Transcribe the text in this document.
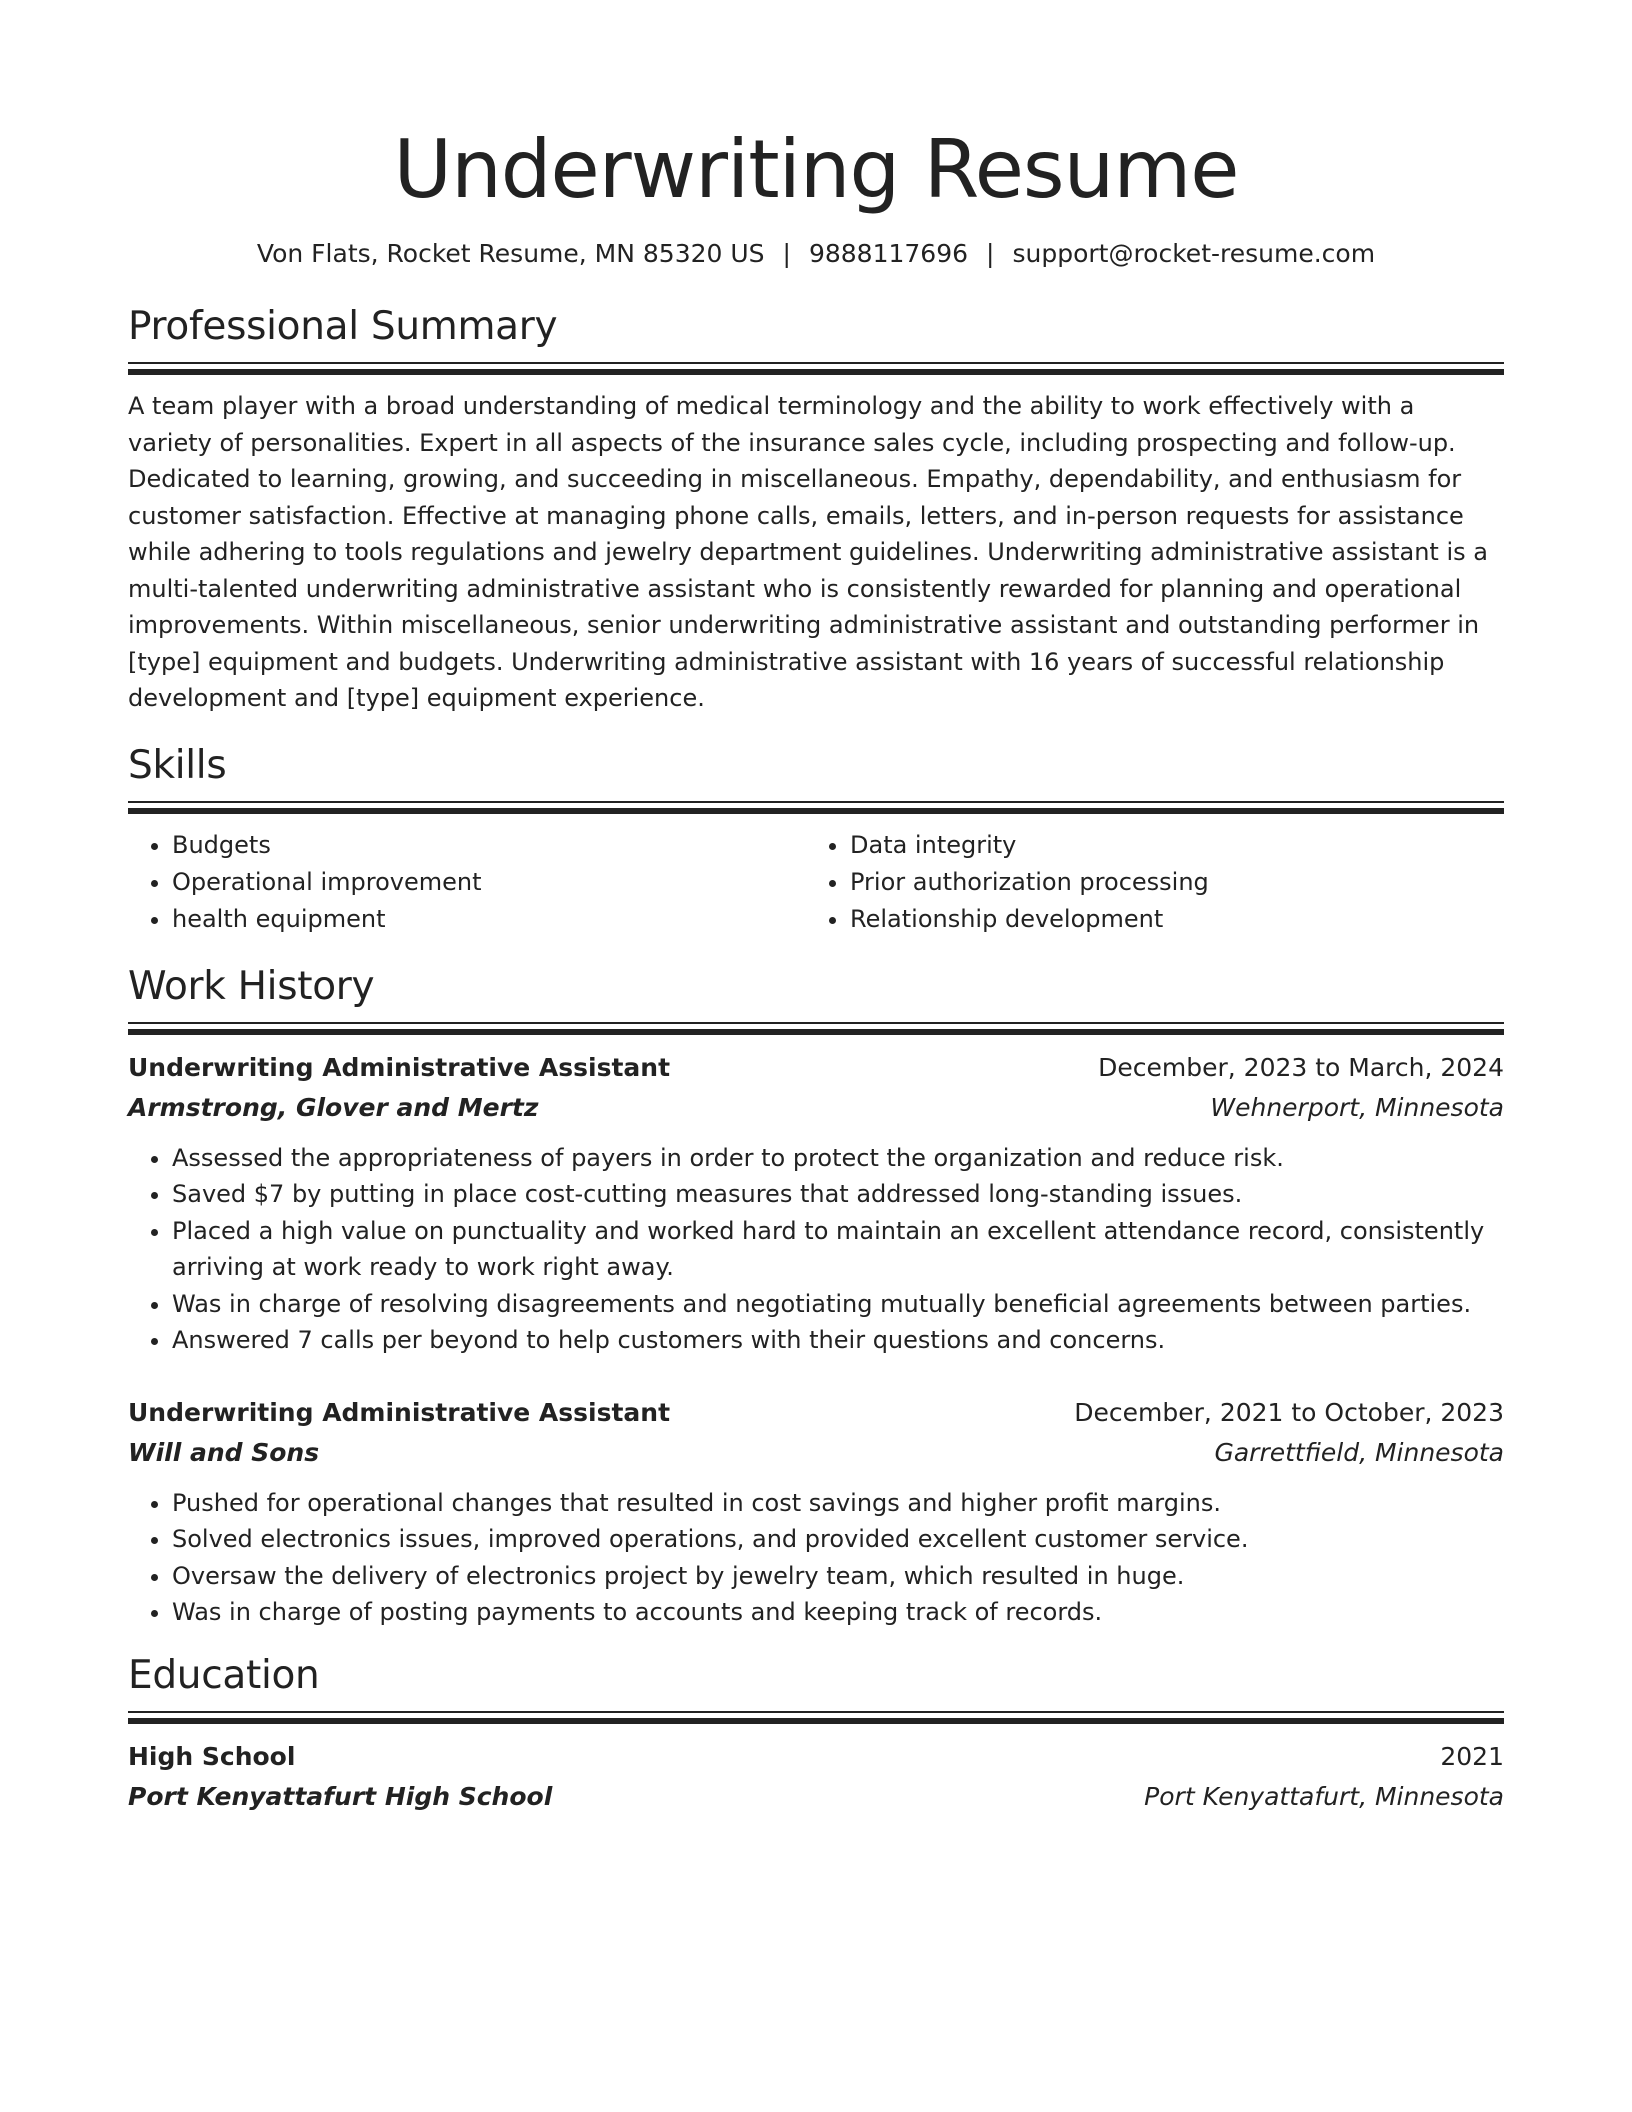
Underwriting Resume
Von Flats, Rocket Resume, MN 85320 US | 9888117696 | support@rocket-resume.com
Professional Summary

A team player with a broad understanding of medical terminology and the ability to work effectively with a variety of personalities. Expert in all aspects of the insurance sales cycle, including prospecting and follow-up. Dedicated to learning, growing, and succeeding in miscellaneous. Empathy, dependability, and enthusiasm for customer satisfaction. Effective at managing phone calls, emails, letters, and in-person requests for assistance while adhering to tools regulations and jewelry department guidelines. Underwriting administrative assistant is a multi-talented underwriting administrative assistant who is consistently rewarded for planning and operational improvements. Within miscellaneous, senior underwriting administrative assistant and outstanding performer in [type] equipment and budgets. Underwriting administrative assistant with 16 years of successful relationship development and [type] equipment experience.

Skills
• Budgets
• Operational improvement
• health equipment
• Data integrity
• Prior authorization processing
• Relationship development
Work History
Underwriting Administrative Assistant	December, 2023 to March, 2024
Armstrong, Glover and Mertz	Wehnerport, Minnesota
• Assessed the appropriateness of payers in order to protect the organization and reduce risk.
• Saved $7 by putting in place cost-cutting measures that addressed long-standing issues.
• Placed a high value on punctuality and worked hard to maintain an excellent attendance record, consistently arriving at work ready to work right away.
• Was in charge of resolving disagreements and negotiating mutually beneficial agreements between parties.
• Answered 7 calls per beyond to help customers with their questions and concerns.
Underwriting Administrative Assistant	December, 2021 to October, 2023
Will and Sons	Garrettfield, Minnesota
• Pushed for operational changes that resulted in cost savings and higher profit margins.
• Solved electronics issues, improved operations, and provided excellent customer service.
• Oversaw the delivery of electronics project by jewelry team, which resulted in huge.
• Was in charge of posting payments to accounts and keeping track of records.
Education
High School	2021
Port Kenyattafurt High School	Port Kenyattafurt, Minnesota
